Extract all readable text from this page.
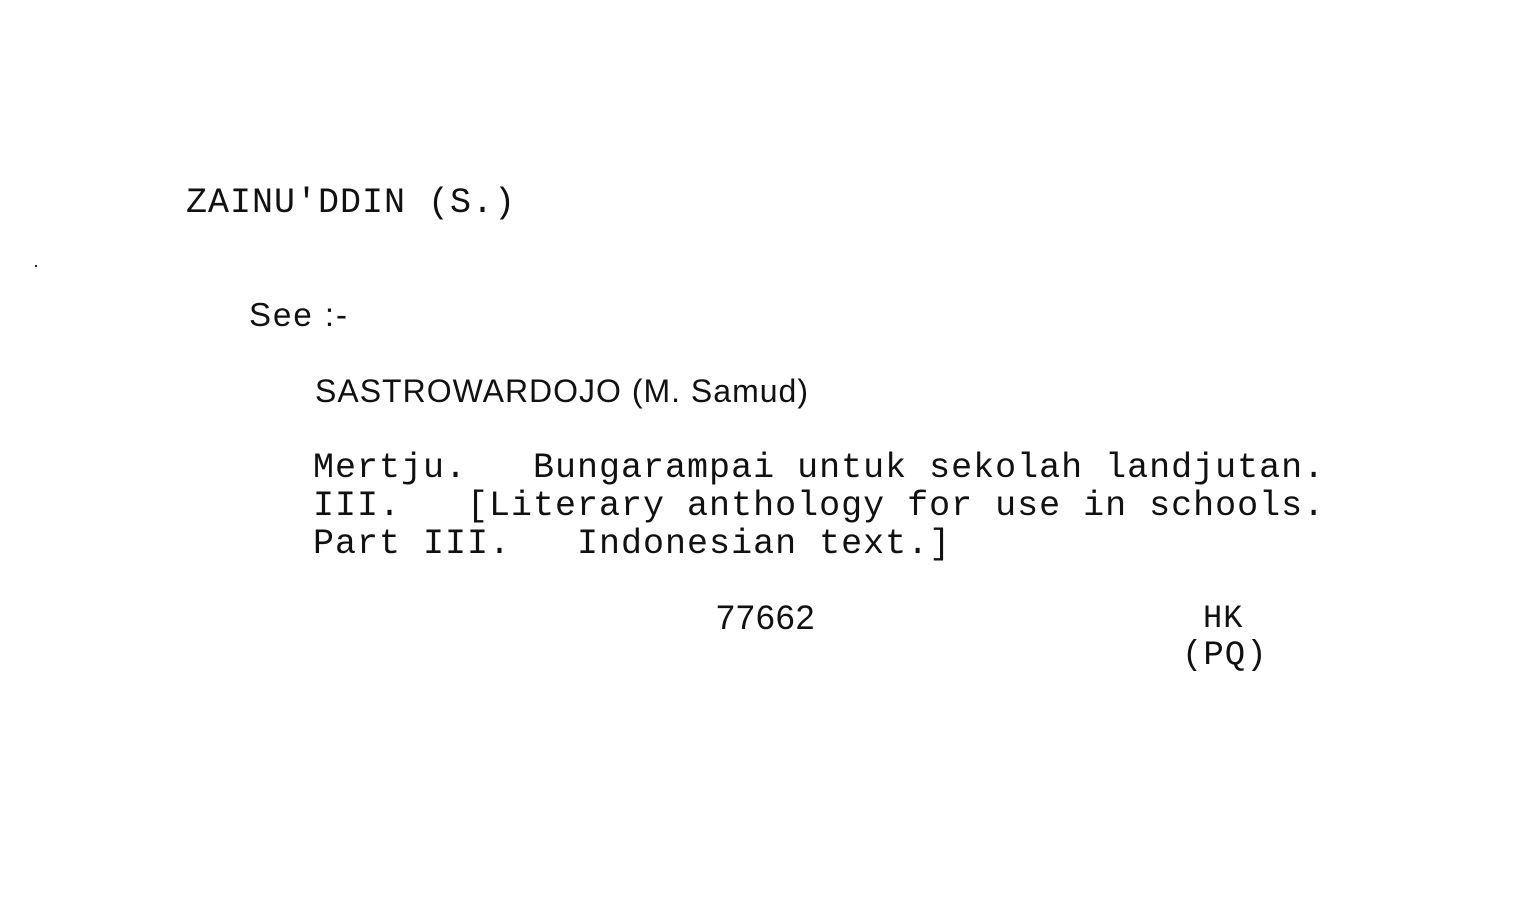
ZAINU'DDIN (S.)
See :-
SASTROWARDOJO (M. Samud)
Mertju.   Bungarampai untuk sekolah landjutan.
III.   [Literary anthology for use in schools.
Part III.   Indonesian text.]
77662	HK
(PQ)
